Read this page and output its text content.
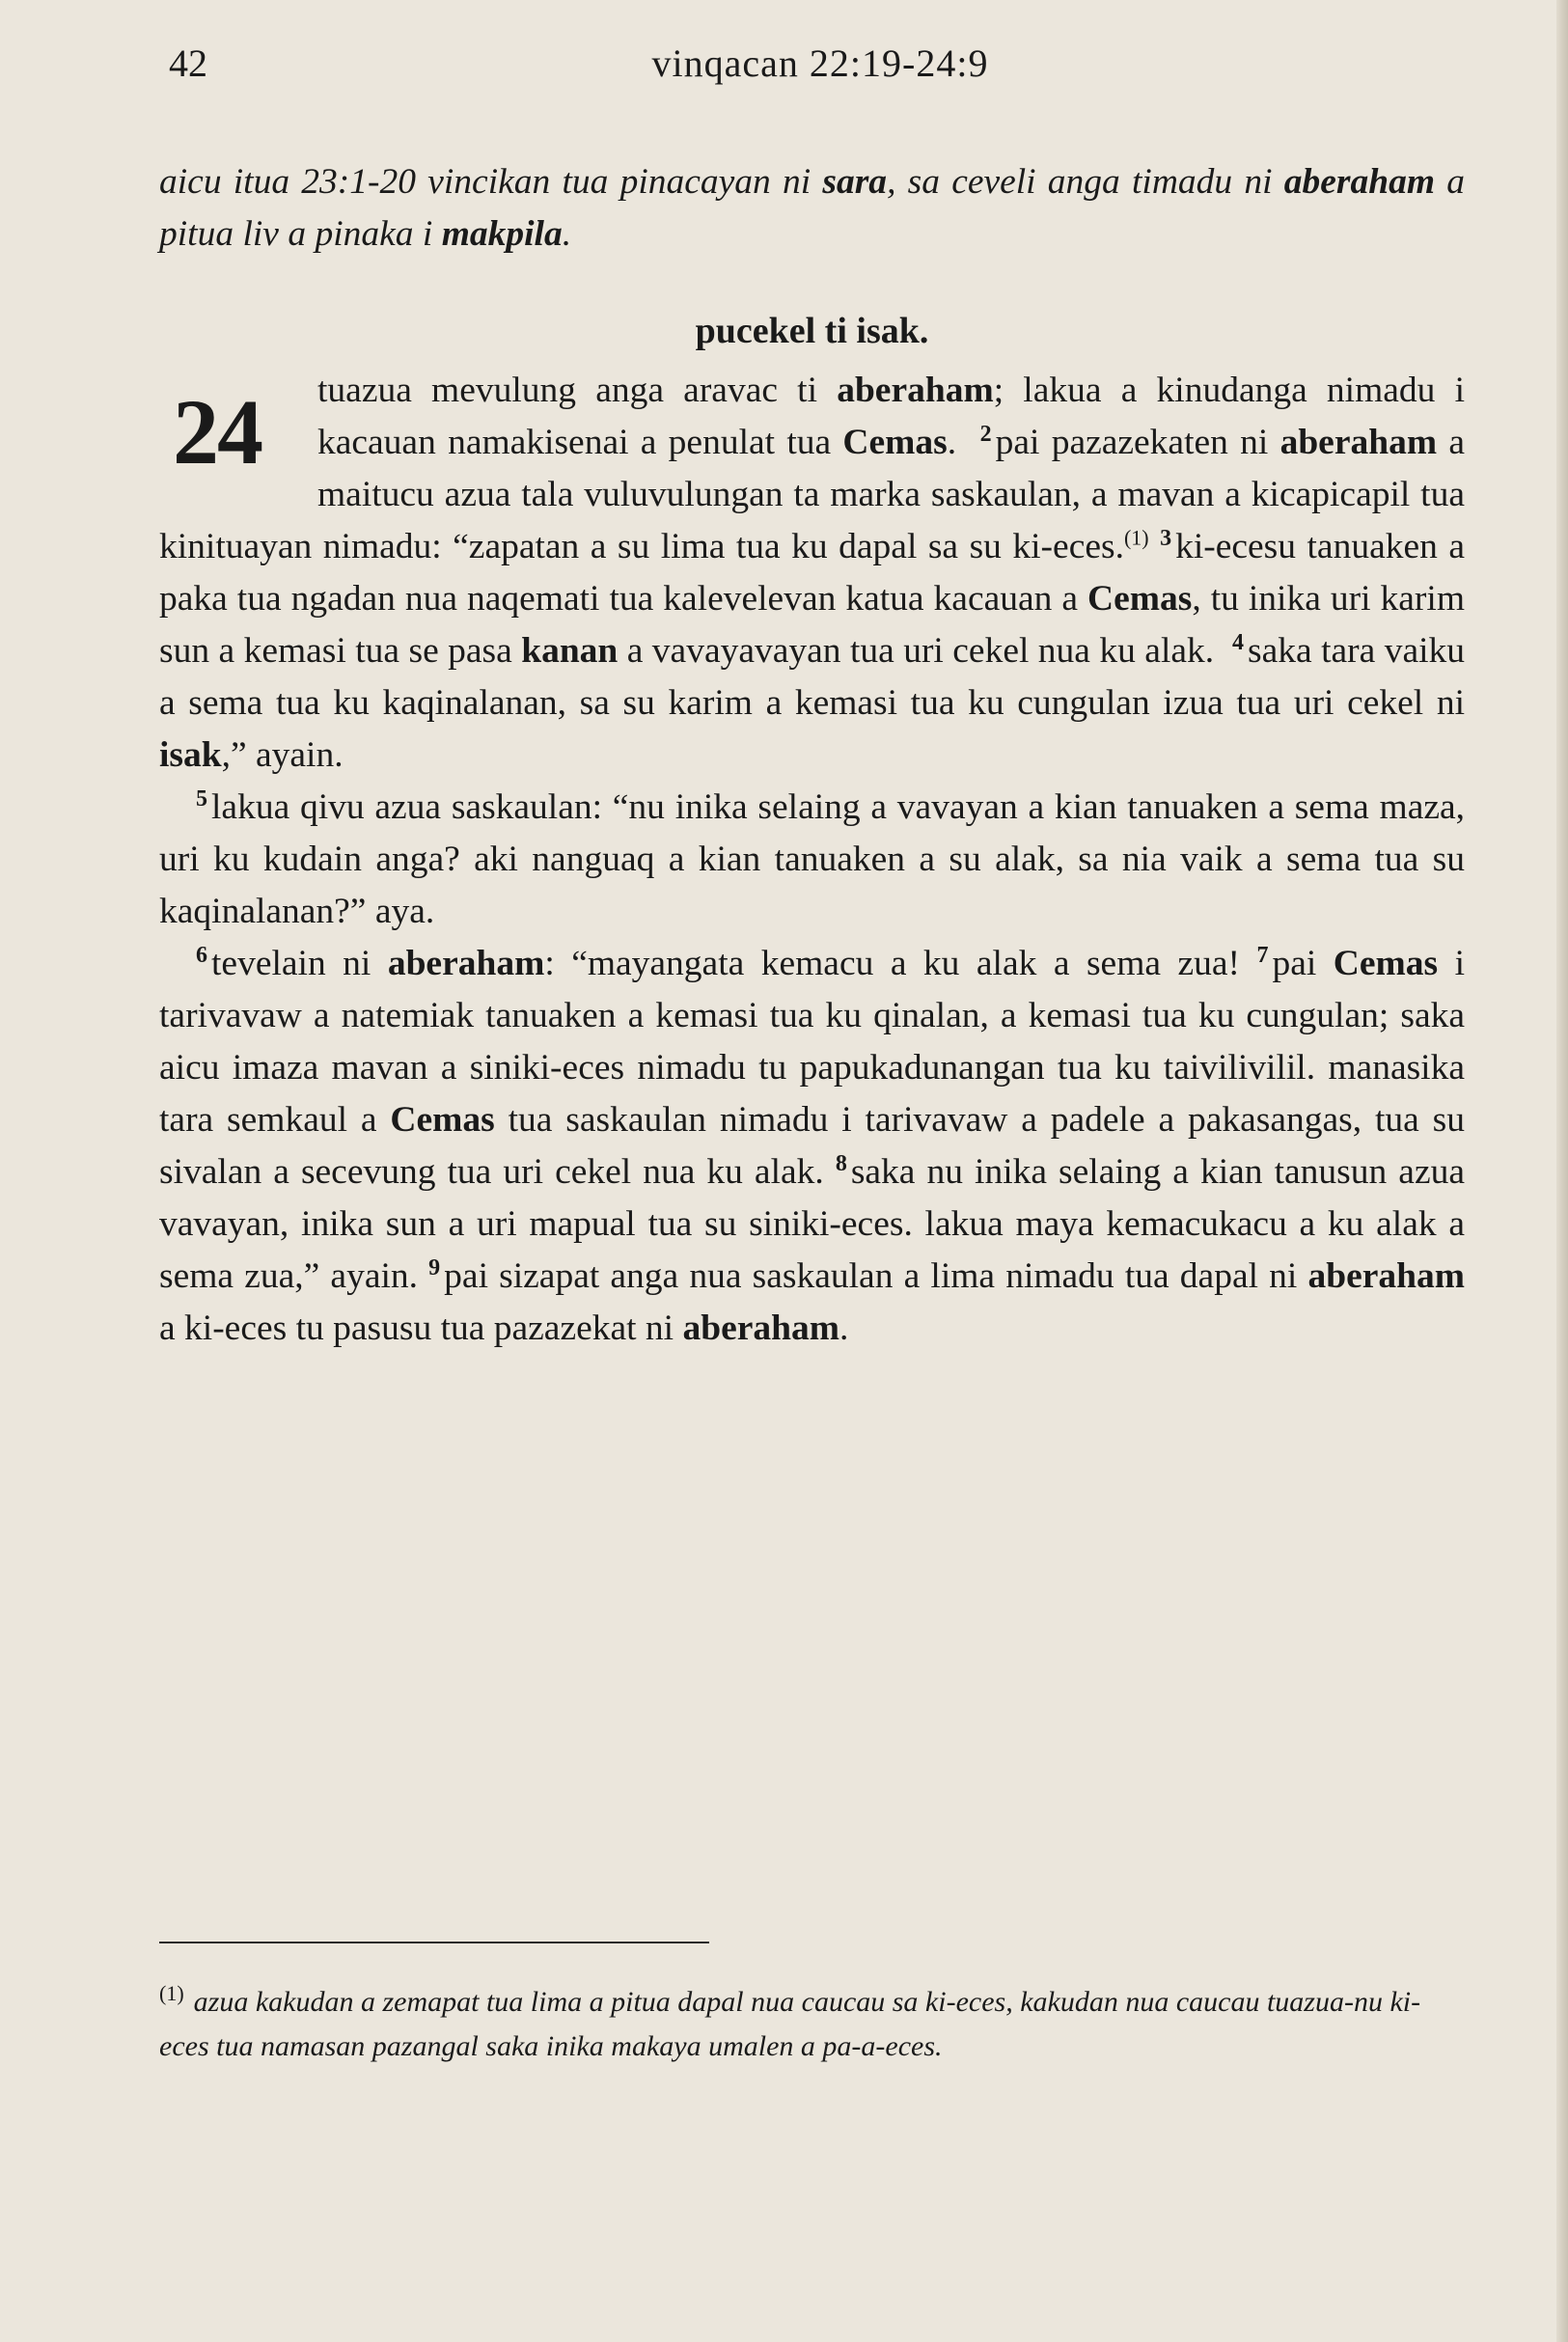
42	vinqacan 22:19-24:9

aicu itua 23:1-20 vincikan tua pinacayan ni sara, sa ceveli anga timadu ni aberaham a pitua liv a pinaka i makpila.

pucekel ti isak.

24 tuazua mevulung anga aravac ti aberaham; lakua a kinudanga nimadu i kacauan namakisenai a penulat tua Cemas. $^2$ pai pazazekaten ni aberaham a maitucu azua tala vuluvulungan ta marka saskaulan, a mavan a kicapicapil tua kinituayan nimadu: “zapatan a su lima tua ku dapal sa su ki-eces.$^{(1)}$ $^3$ ki-ecesu tanuaken a paka tua ngadan nua naqemati tua kalevelevan katua kacauan a Cemas, tu inika uri karim sun a kemasi tua se pasa kanan a vavayavayan tua uri cekel nua ku alak. $^4$ saka tara vaiku a sema tua ku kaqinalanan, sa su karim a kemasi tua ku cungulan izua tua uri cekel ni isak,” ayain.

$^5$ lakua qivu azua saskaulan: “nu inika selaing a vavayan a kian tanuaken a sema maza, uri ku kudain anga? aki nanguaq a kian tanuaken a su alak, sa nia vaik a sema tua su kaqinalanan?” aya.

$^6$ tevelain ni aberaham: “mayangata kemacu a ku alak a sema zua! $^7$ pai Cemas i tarivavaw a natemiak tanuaken a kemasi tua ku qinalan, a kemasi tua ku cungulan; saka aicu imaza mavan a siniki-eces nimadu tu papukadunangan tua ku taivilivilil. manasika tara semkaul a Cemas tua saskaulan nimadu i tarivavaw a padele a pakasangas, tua su sivalan a secevung tua uri cekel nua ku alak. $^8$ saka nu inika selaing a kian tanusun azua vavayan, inika sun a uri mapual tua su siniki-eces. lakua maya kemacukacu a ku alak a sema zua,” ayain. $^9$ pai sizapat anga nua saskaulan a lima nimadu tua dapal ni aberaham a ki-eces tu pasusu tua pazazekat ni aberaham.

$^{(1)}$ azua kakudan a zemapat tua lima a pitua dapal nua caucau sa ki-eces, kakudan nua caucau tuazua-nu ki-eces tua namasan pazangal saka inika makaya umalen a pa-a-eces.
